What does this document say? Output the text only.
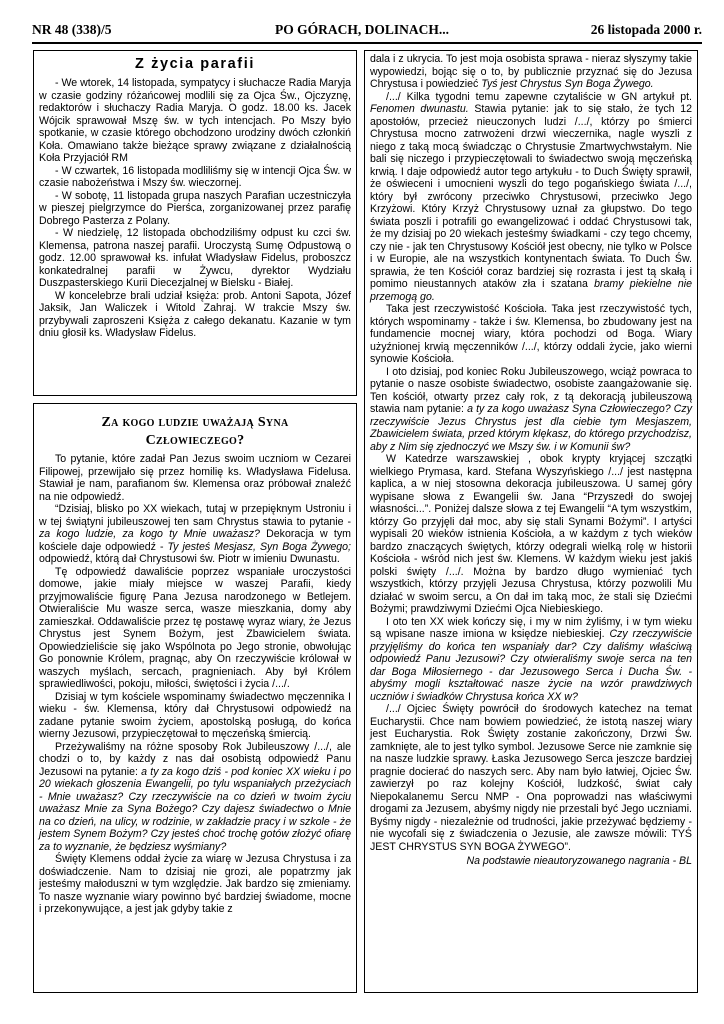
NR 48 (338)/5	PO GÓRACH, DOLINACH...	26 listopada 2000 r.
Z życia parafii

- We wtorek, 14 listopada, sympatycy i słuchacze Radia Maryja w czasie godziny różańcowej modlili się za Ojca Św., Ojczyznę, redaktorów i słuchaczy Radia Maryja. O godz. 18.00 ks. Jacek Wójcik sprawował Mszę św. w tych intencjach. Po Mszy było spotkanie, w czasie którego obchodzono urodziny dwóch członkiń Koła. Omawiano także bieżące sprawy związane z działalnością Koła Przyjaciół RM

- W czwartek, 16 listopada modliliśmy się w intencji Ojca Św. w czasie nabożeństwa i Mszy św. wieczornej.

- W sobotę, 11 listopada grupa naszych Parafian uczestniczyła w pieszej pielgrzymce do Pierśca, zorganizowanej przez parafię Dobrego Pasterza z Polany.

- W niedzielę, 12 listopada obchodziliśmy odpust ku czci św. Klemensa, patrona naszej parafii. Uroczystą Sumę Odpustową o godz. 12.00 sprawował ks. infułat Władysław Fidelus, proboszcz konkatedralnej parafii w Żywcu, dyrektor Wydziału Duszpasterskiego Kurii Diecezjalnej w Bielsku - Białej.

W koncelebrze brali udział księża: prob. Antoni Sapota, Józef Jaksik, Jan Waliczek i Witold Zahraj. W trakcie Mszy św. przybywali zaproszeni Księża z całego dekanatu. Kazanie w tym dniu głosił ks. Władysław Fidelus.

Za kogo ludzie uważają Syna
Człowieczego?

To pytanie, które zadał Pan Jezus swoim uczniom w Cezarei Filipowej, przewijało się przez homilię ks. Władysława Fidelusa. Stawiał je nam, parafianom św. Klemensa oraz próbował znaleźć na nie odpowiedź.

“Dzisiaj, blisko po XX wiekach, tutaj w przepięknym Ustroniu i w tej świątyni jubileuszowej ten sam Chrystus stawia to pytanie - za kogo ludzie, za kogo ty Mnie uważasz? Dekoracja w tym kościele daje odpowiedź - Ty jesteś Mesjasz, Syn Boga Żywego; odpowiedź, którą dał Chrystusowi św. Piotr w imieniu Dwunastu.

Tę odpowiedź dawaliście poprzez wspaniałe uroczystości domowe, jakie miały miejsce w waszej Parafii, kiedy przyjmowaliście figurę Pana Jezusa narodzonego w Betlejem. Otwieraliście Mu wasze serca, wasze mieszkania, domy aby zamieszkał. Oddawaliście przez tę postawę wyraz wiary, że Jezus Chrystus jest Synem Bożym, jest Zbawicielem świata. Opowiedzieliście się jako Wspólnota po Jego stronie, obwołując Go ponownie Królem, pragnąc, aby On rzeczywiście królował w waszych myślach, sercach, pragnieniach. Aby był Królem sprawiedliwości, pokoju, miłości, świętości i życia /.../.

Dzisiaj w tym kościele wspominamy świadectwo męczennika I wieku - św. Klemensa, który dał Chrystusowi odpowiedź na zadane pytanie swoim życiem, apostolską posługą, do końca wierny Jezusowi, przypieczętował to męczeńską śmiercią.

Przeżywaliśmy na różne sposoby Rok Jubileuszowy /.../, ale chodzi o to, by każdy z nas dał osobistą odpowiedź Panu Jezusowi na pytanie: a ty za kogo dziś - pod koniec XX wieku i po 20 wiekach głoszenia Ewangelii, po tylu wspaniałych przeżyciach - Mnie uważasz? Czy rzeczywiście na co dzień w twoim życiu uważasz Mnie za Syna Bożego? Czy dajesz świadectwo o Mnie na co dzień, na ulicy, w rodzinie, w zakładzie pracy i w szkole - że jestem Synem Bożym? Czy jesteś choć trochę gotów złożyć ofiarę za to wyznanie, że będziesz wyśmiany?

Święty Klemens oddał życie za wiarę w Jezusa Chrystusa i za doświadczenie. Nam to dzisiaj nie grozi, ale popatrzmy jak jesteśmy małoduszni w tym względzie. Jak bardzo się zmieniamy. To nasze wyznanie wiary powinno być bardziej świadome, mocne i przekonywujące, a jest jak gdyby takie z

dala i z ukrycia. To jest moja osobista sprawa - nieraz słyszymy takie wypowiedzi, bojąc się o to, by publicznie przyznać się do Jezusa Chrystusa i powiedzieć Tyś jest Chrystus Syn Boga Żywego.

/.../ Kilka tygodni temu zapewne czytaliście w GN artykuł pt. Fenomen dwunastu. Stawia pytanie: jak to się stało, że tych 12 apostołów, przecież nieuczonych ludzi /.../, którzy po śmierci Chrystusa mocno zatrwożeni drzwi wieczernika, nagle wyszli z niego z taką mocą świadcząc o Chrystusie Zmartwychwstałym. Nie bali się niczego i przypieczętowali to świadectwo swoją męczeńską krwią. I daje odpowiedź autor tego artykułu - to Duch Święty sprawił, że oświeceni i umocnieni wyszli do tego pogańskiego świata /.../, który był zwrócony przeciwko Chrystusowi, przeciwko Jego Krzyżowi. Który Krzyż Chrystusowy uznał za głupstwo. Do tego świata poszli i potrafili go ewangelizować i oddać Chrystusowi tak, że my dzisiaj po 20 wiekach jesteśmy świadkami - czy tego chcemy, czy nie - jak ten Chrystusowy Kościół jest obecny, nie tylko w Polsce i w Europie, ale na wszystkich kontynentach świata. To Duch Św. sprawia, że ten Kościół coraz bardziej się rozrasta i jest tą skałą i pomimo nieustannych ataków zła i szatana bramy piekielne nie przemogą go.

Taka jest rzeczywistość Kościoła. Taka jest rzeczywistość tych, których wspominamy - także i św. Klemensa, bo zbudowany jest na fundamencie mocnej wiary, która pochodzi od Boga. Wiary użyźnionej krwią męczenników /.../, którzy oddali życie, jako wierni synowie Kościoła.

I oto dzisiaj, pod koniec Roku Jubileuszowego, wciąż powraca to pytanie o nasze osobiste świadectwo, osobiste zaangażowanie się. Ten kościół, otwarty przez cały rok, z tą dekoracją jubileuszową stawia nam pytanie: a ty za kogo uważasz Syna Człowieczego? Czy rzeczywiście Jezus Chrystus jest dla ciebie tym Mesjaszem, Zbawicielem świata, przed którym klękasz, do którego przychodzisz, aby z Nim się zjednoczyć we Mszy św. i w Komunii św?

W Katedrze warszawskiej , obok krypty kryjącej szczątki wielkiego Prymasa, kard. Stefana Wyszyńskiego /.../ jest następna kaplica, a w niej stosowna dekoracja jubileuszowa. U samej góry wypisane słowa z Ewangelii św. Jana “Przyszedł do swojej własności...”. Poniżej dalsze słowa z tej Ewangelii “A tym wszystkim, którzy Go przyjęli dał moc, aby się stali Synami Bożymi”. I artyści wypisali 20 wieków istnienia Kościoła, a w każdym z tych wieków bardzo znaczących świętych, którzy odegrali wielką rolę w historii Kościoła - wśród nich jest św. Klemens. W każdym wieku jest jakiś polski święty /.../. Można by bardzo długo wymieniać tych wszystkich, którzy przyjęli Jezusa Chrystusa, którzy pozwolili Mu działać w swoim sercu, a On dał im taką moc, że stali się Dziećmi Bożymi; prawdziwymi Dziećmi Ojca Niebieskiego.

I oto ten XX wiek kończy się, i my w nim żyliśmy, i w tym wieku są wpisane nasze imiona w księdze niebieskiej. Czy rzeczywiście przyjęliśmy do końca ten wspaniały dar? Czy daliśmy właściwą odpowiedź Panu Jezusowi? Czy otwieraliśmy swoje serca na ten dar Boga Miłosiernego - dar Jezusowego Serca i Ducha Św. - abyśmy mogli kształtować nasze życie na wzór prawdziwych uczniów i świadków Chrystusa końca XX w?

/.../ Ojciec Święty powrócił do środowych katechez na temat Eucharystii. Chce nam bowiem powiedzieć, że istotą naszej wiary jest Eucharystia. Rok Święty zostanie zakończony, Drzwi Św. zamknięte, ale to jest tylko symbol. Jezusowe Serce nie zamknie się na nasze ludzkie sprawy. Łaska Jezusowego Serca jeszcze bardziej pragnie docierać do naszych serc. Aby nam było łatwiej, Ojciec Św. zawierzył po raz kolejny Kościół, ludzkość, świat cały Niepokalanemu Sercu NMP - Ona poprowadzi nas właściwymi drogami za Jezusem, abyśmy nigdy nie przestali być Jego uczniami. Byśmy nigdy - niezależnie od trudności, jakie przeżywać będziemy - nie wycofali się z świadczenia o Jezusie, ale zawsze mówili: TYŚ JEST CHRYSTUS SYN BOGA ŻYWEGO”.

Na podstawie nieautoryzowanego nagrania - BL
